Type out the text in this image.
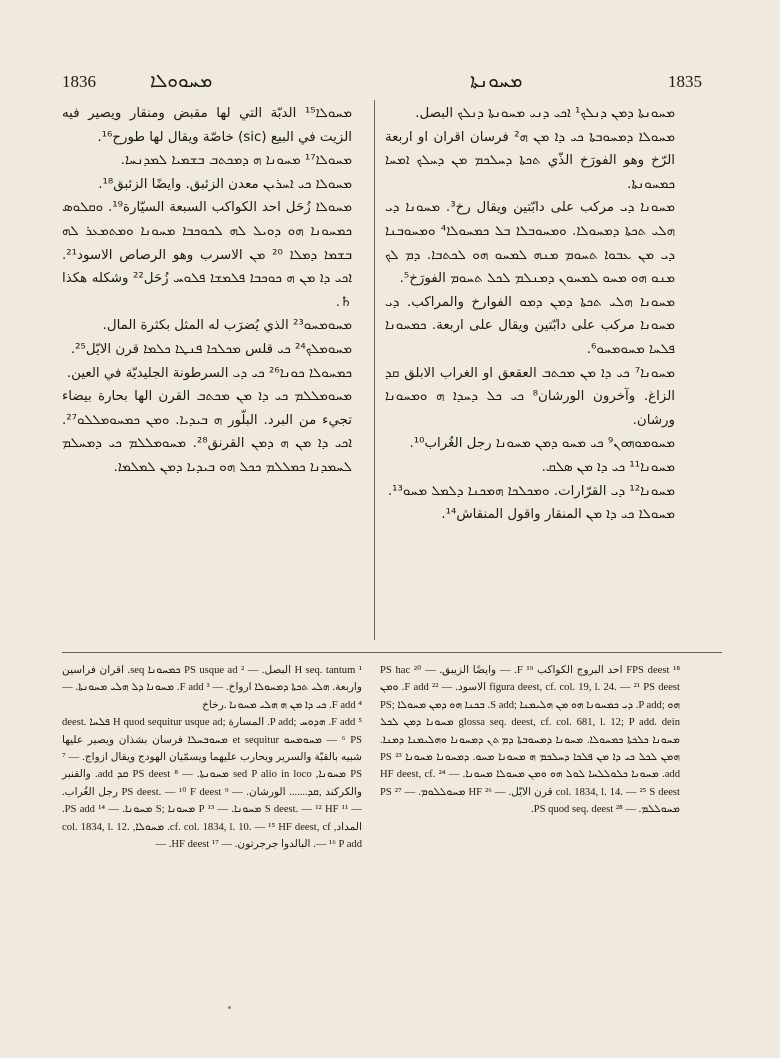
1836	ܡܚܘܘܠܐ	ܡܚܘܢܬܐ	1835

ܡܚܘܠܐ¹⁵ الدبّة التي لها مقبض ومنقار ويصير فيه الزيت في البيع (sic) خاصّة ويقال لها طورح¹⁶.

ܡܚܘܠܐ¹⁷ ܡܚܘܢܐ ܗ ܕܡܟܬܒ ܒܫܡܝܐ ܠܡܕܢܚܐ.

ܡܚܘܠܐ ܟܝ ܐܚܪܝܢ معدن الزئبق. وايضًا الزئبق¹⁸.

ܡܚܘܠܐ زُحَل احد الكواكب السبعة السيّارة¹⁹. ܘܩܠܘܣ ܟܡܚܘܢܐ ܗܘ ܕܘܝܠ ܠܗ ܠܟܘܟܒܐ ܡܚܘܢܐ ܘܡܬܡܥܪ ܠܗ ܒܫܡܐ ܕܡܠܐ ²⁰ ܡܢ الاسرب وهو الرصاص الاسود²¹. ܐܟܝ ܕܐ ܡܢ ܗ ܟܘܟܒܐ ܦܠܡܫܐ ܦܠܘܚ زُحَل²² وشكله هكذا ♄.

ܡܚܘܡܚܘ²³ الذي يُضرَب له المثل بكثرة المال.

ܡܚܘܡܠܟ²⁴ ܟܝ قلس ܡܟܠܟܐ ܦܢܛܐ ܟܠܡܐ قرن الايّل²⁵.

ܟܡܚܘܠܐ ܟܘܢܐ²⁶ ܟܝ ܕܝ السرطونة الجليديّة في العين.

ܡܚܘܡܠܠܡ ܟܝ ܕܐ ܡܢ ܡܟܬܒ القرن الها بحارة بيضاء تجيء من البرد. البلّور ܗ ܒܝܕܝܐ. ܘܡܢ ܟܡܚܘܡܠܠܘ²⁷. ܐܟܝ ܕܐ ܡܢ ܗ ܕܡܢ القرنق²⁸. ܡܚܘܡܠܠܡ ܟܝ ܕܡܚܠܡ ܠܚܡܕܢܐ ܟܡܠܠܡ ܟܟܠ ܗܘ ܒܝܕܝܐ ܕܡܢ ܠܡܠܡܐ.

ܡܚܘܢܬܐ ܕܡܢ ܕܢܠܟ¹ ܐܟܝ ܕܢܝ ܡܚܘܢܬܐ ܕܢܠܟ البصل.

ܡܚܘܠܐ ܕܡܚܘܒܬܐ ܟܝ ܕܐ ܡܢ ܗ² فرسان اقران او اربعة الرّخ وهو الفورَخ الذّي ܬܟܬܐ ܕܚܠܟܡ ܡܢ ܕܚܠܟ ܐܡܚܐ ܟܡܚܘܢܬܐ.

ܡܚܘܢܐ ܕܝ مركب على دابّتين ويقال رخ³. ܡܚܘܢܐ ܕܝ ܗܠܝ ܬܟܬܐ ܕܡܚܘܠܐ. ܘܡܚܘܒܠܐ ܒܠ ܟܡܚܘܠܐ⁴ ܘܡܚܘܒܢܐ ܕܝ ܡܢ ܥܒܘܐ ܬܚܘܡ ܡܢܗ ܠܡܚܘ ܗܘ ܠܟܬܒܐ. ܕܡ ܠܟ ܡܢܘ ܗܘ ܡܚܘ ܠܡܚܘܢ ܕܡܢܠܡ ܠܟܠ ܬܚܘܡ الفورَخ⁵.

ܡܚܘܢܐ ܗܠܝ ܬܟܬܐ ܕܡܢ ܕܡܘ الفوارخ والمراكب. ܕܝ ܡܚܘܢܐ مركب على دابّتين ويقال على اربعة. ܟܡܚܘܢܐ ܦܠܚܐ ܡܚܘܡܚܘ⁶.

ܡܚܘܢܐ⁷ ܟܝ ܕܐ ܡܢ ܡܟܬܒ العقعق او الغراب الابلق ܩܕ الزاغ. وآخرون الورشان⁸ ܟܝ ܟܠ ܕܚܕܐ ܗ ܘܡܚܘܢܐ ورشان.

ܡܚܘܡܘܗܘܢ⁹ ܟܝ ܡܚܘ ܕܡܢ ܡܚܘܢܐ رجل الغُراب¹⁰.

ܡܚܘܢܐ¹¹ ܟܝ ܕܐ ܡܢ ܣܠܩ.

ܡܚܘܢܐ¹² ܕܝ القرّارات. ܘܡܟܠܟܐ ܗܡܟܢܐ ܕܠܡܠ ܡܚܘ¹³.

ܡܚܘܠܐ ܟܝ ܕܐ ܡܢ المنقار واقول المنقاش¹⁴.

¹ H seq. tantum البصل. — ² PS usque ad ܟܡܚܘܢܐ seq. اقران فراسين واربعة. ܗܠܝ ܬܟܬܐ ܕܡܚܘܠܐ ارواخ. — ³ F add. ܡܚܘܢܐ ܕܠ ܗܠܝ ܡܚܘܢܬܐ. — ⁴ F add. ܟܝ ܕܐ ܡܢ ܗ ܗܠܝ ܡܚܘܢܐ .رخاخ

⁵ F add. ܗܕܘܚ ;P add. المسارة ;H quod sequitur usque ad ܦܠܚܐ deest. — ⁶ PS ܡܚܘܡܚܘ et sequitur ܡܚܘܒܚܠܐ فرسان بشذان ويصير عليها شبيه بالقبّة والسرير ويحارب عليهما ويسمّيان الهودج ويقال ازواج. — ⁷ PS ܡܚܘܢܐ, sed P alio in loco ܡܚܘܢܬܐ. — ⁸ PS deest ܩܕ add. والقنبر والكركند ,ܩܕ....... الورشان. — ⁹ PS deest. — ¹⁰ F deest رجل الغُراب. — ¹¹ S deest. — ¹² HF ܡܚܘܢܐ. — ¹³ P ܡܚܘܢܐ ;S ܡܚܘܢܐ. — ¹⁴ PS add. المداد, cf. col. 1834, l. 10. — ¹⁵ HF deest, cf. ܡܚܘܠܐ, col. 1834, l. 12. — ¹⁶ P add. البالدوا جرجرتون. — ¹⁷ HF deest. —

¹⁸ FPS deest احد البروج الكواكب ¹⁹ F. — وايضًا الزيبق. — ²⁰ PS hac figura deest, cf. col. 19, l. 24. — ²¹ PS deest الاسود. — ²² F add. ܘܡܢ ܗܘ ;P add. ܕܝ ܟܡܚܘܢܐ ܗܘ ܡܢ ܗܠܝܡܢܐ ;S add. ܒܟܢܐ ܗܘ ܕܡܢ ܡܚܘܠܐ ;PS glossa seq. deest, cf. col. 681, l. 12; P add. dein ܡܚܘܢܐ ܕܡܢ ܠܟܠ ܡܚܘܢܐ ܟܠܟܬܐ ܟܡܚܘܠܐ. ܡܚܘܢܐ ܕܡܚܘܒܬܐ ܕܡ ܬܢ ܕܡܚܘܢܐ ܘܗܠܝܡܢܐ ܕܡܢܐ. ܗܡܢ ܠܟܠ ܟܝ ܕܐ ܡܢ ܦܠܟܐ ܕܚܠܟܡ ܗ ܡܚܘܢܐ ܡܚܘ. ܕܡܚܘܢܐ ܡܚܘܢܐ ²³ PS add. ܡܚܘܢܐ ܟܠܘܠܠܚܐ ܠܘܠ ܗܘ ܘܡܢ ܡܚܘܠܐ ܡܚܘܢܐ. — ²⁴ HF deest, cf. col. 1834, l. 14. — ²⁵ S deest قرن الايّل. — ²⁶ HF ܡܚܘܠܠܘܡ. — ²⁷ PS ܡܚܘܠܠܡ. — ²⁸ PS quod seq. deest.
